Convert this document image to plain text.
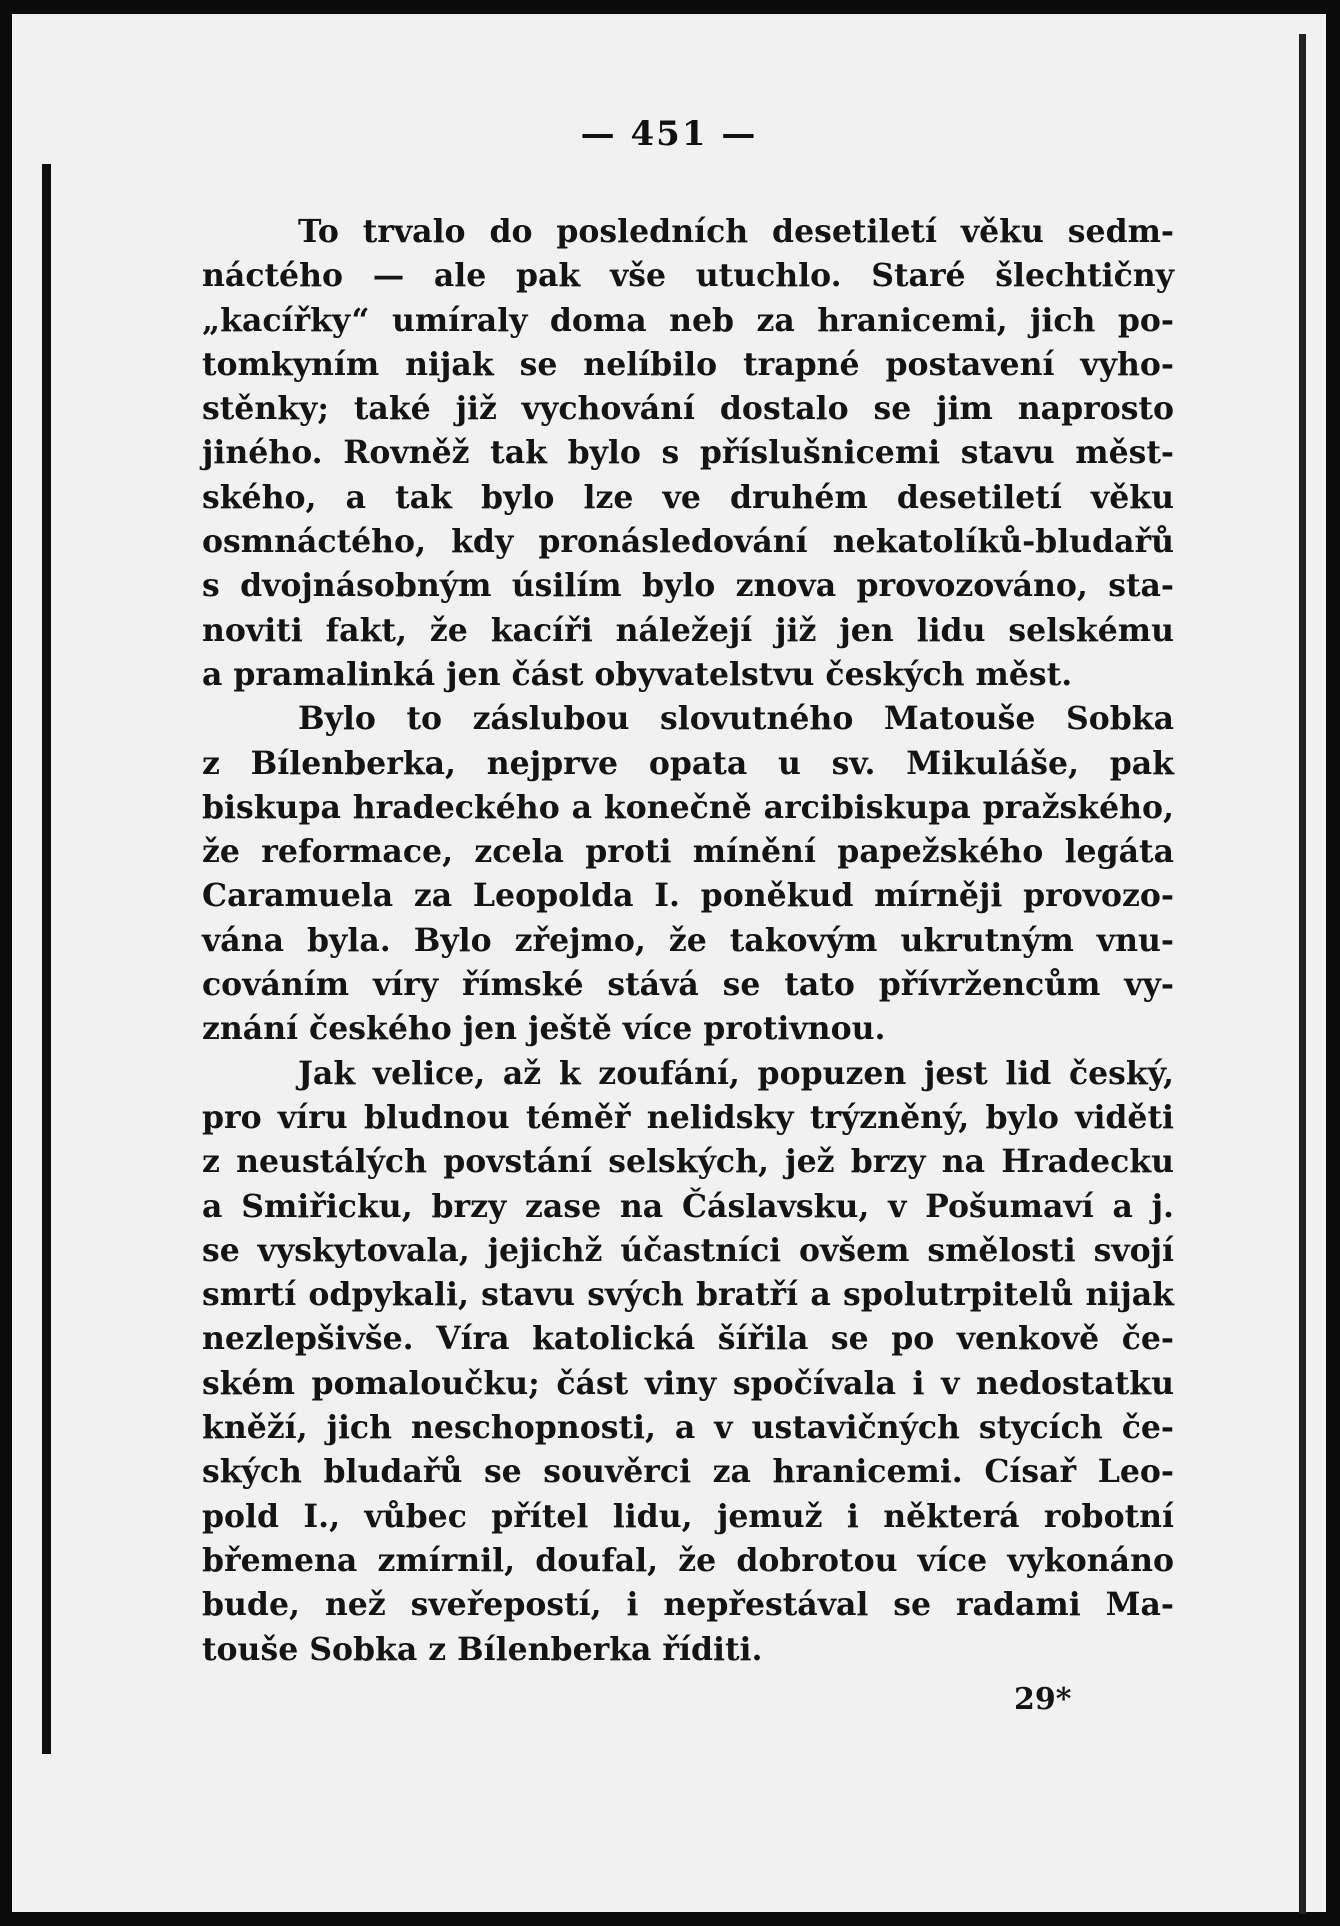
— 451 —
To trvalo do posledních desetiletí věku sedm-
náctého — ale pak vše utuchlo. Staré šlechtičny
„kacířky“ umíraly doma neb za hranicemi, jich po-
tomkyním nijak se nelíbilo trapné postavení vyho-
stěnky; také již vychování dostalo se jim naprosto
jiného. Rovněž tak bylo s příslušnicemi stavu měst-
ského, a tak bylo lze ve druhém desetiletí věku
osmnáctého, kdy pronásledování nekatolíků-bludařů
s dvojnásobným úsilím bylo znova provozováno, sta-
noviti fakt, že kacíři náležejí již jen lidu selskému
a pramalinká jen část obyvatelstvu českých měst.
Bylo to záslubou slovutného Matouše Sobka
z Bílenberka, nejprve opata u sv. Mikuláše, pak
biskupa hradeckého a konečně arcibiskupa pražského,
že reformace, zcela proti mínění papežského legáta
Caramuela za Leopolda I. poněkud mírněji provozo-
vána byla. Bylo zřejmo, že takovým ukrutným vnu-
cováním víry římské stává se tato přívržencům vy-
znání českého jen ještě více protivnou.
Jak velice, až k zoufání, popuzen jest lid český,
pro víru bludnou téměř nelidsky trýzněný, bylo viděti
z neustálých povstání selských, jež brzy na Hradecku
a Smiřicku, brzy zase na Čáslavsku, v Pošumaví a j.
se vyskytovala, jejichž účastníci ovšem smělosti svojí
smrtí odpykali, stavu svých bratří a spolutrpitelů nijak
nezlepšivše. Víra katolická šířila se po venkově če-
ském pomaloučku; část viny spočívala i v nedostatku
kněží, jich neschopnosti, a v ustavičných stycích če-
ských bludařů se souvěrci za hranicemi. Císař Leo-
pold I., vůbec přítel lidu, jemuž i některá robotní
břemena zmírnil, doufal, že dobrotou více vykonáno
bude, než sveřepostí, i nepřestával se radami Ma-
touše Sobka z Bílenberka říditi.
29*
